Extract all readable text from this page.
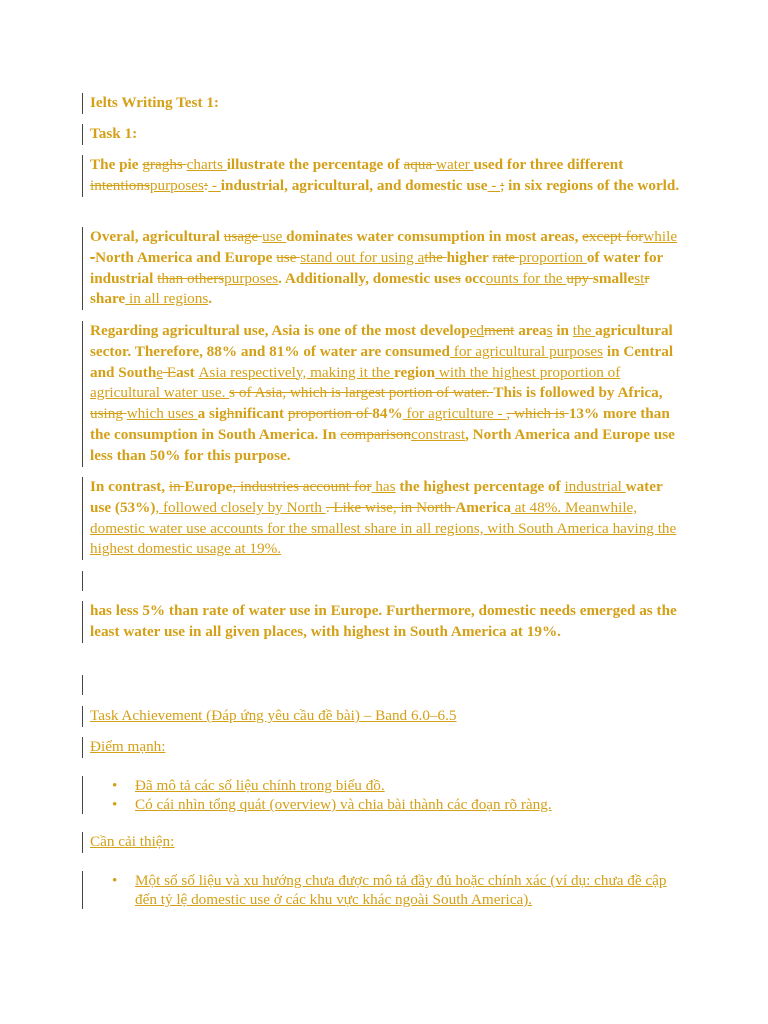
Ielts Writing Test 1:
Task 1:
The pie graghs charts illustrate the percentage of aqua water used for three different intentionspurposes: - industrial, agricultural, and domestic use - ; in six regions of the world.
Overal, agricultural usage use dominates water comsumption in most areas, except forwhile -North America and Europe use stand out for using athe higher rate proportion of water for industrial than otherspurposes. Additionally, domestic uses occounts for the upy smallestr share in all regions.
Regarding agricultural use, Asia is one of the most developedment areas in the agricultural sector. Therefore, 88% and 81% of water are consumed for agricultural purposes in Central and Southe East Asia respectively, making it the region with the highest proportion of agricultural water use. s of Asia, which is largest portion of water. This is followed by Africa, using which uses a sighnificant proportion of 84% for agriculture - , which is 13% more than the consumption in South America. In comparisonconstrast, North America and Europe use less than 50% for this purpose.
In contrast, in Europe, industries account for has the highest percentage of industrial water use (53%), followed closely by North . Like wise, in North America at 48%. Meanwhile, domestic water use accounts for the smallest share in all regions, with South America having the highest domestic usage at 19%.
has less 5% than rate of water use in Europe. Furthermore, domestic needs emerged as the least water use in all given places, with highest in South America at 19%.
Task Achievement (Đáp ứng yêu cầu đề bài) – Band 6.0–6.5
Điểm mạnh:
• Đã mô tả các số liệu chính trong biểu đồ.
• Có cái nhìn tổng quát (overview) và chia bài thành các đoạn rõ ràng.
Cần cải thiện:
• Một số số liệu và xu hướng chưa được mô tả đầy đủ hoặc chính xác (ví dụ: chưa đề cập đến tỷ lệ domestic use ở các khu vực khác ngoài South America).
